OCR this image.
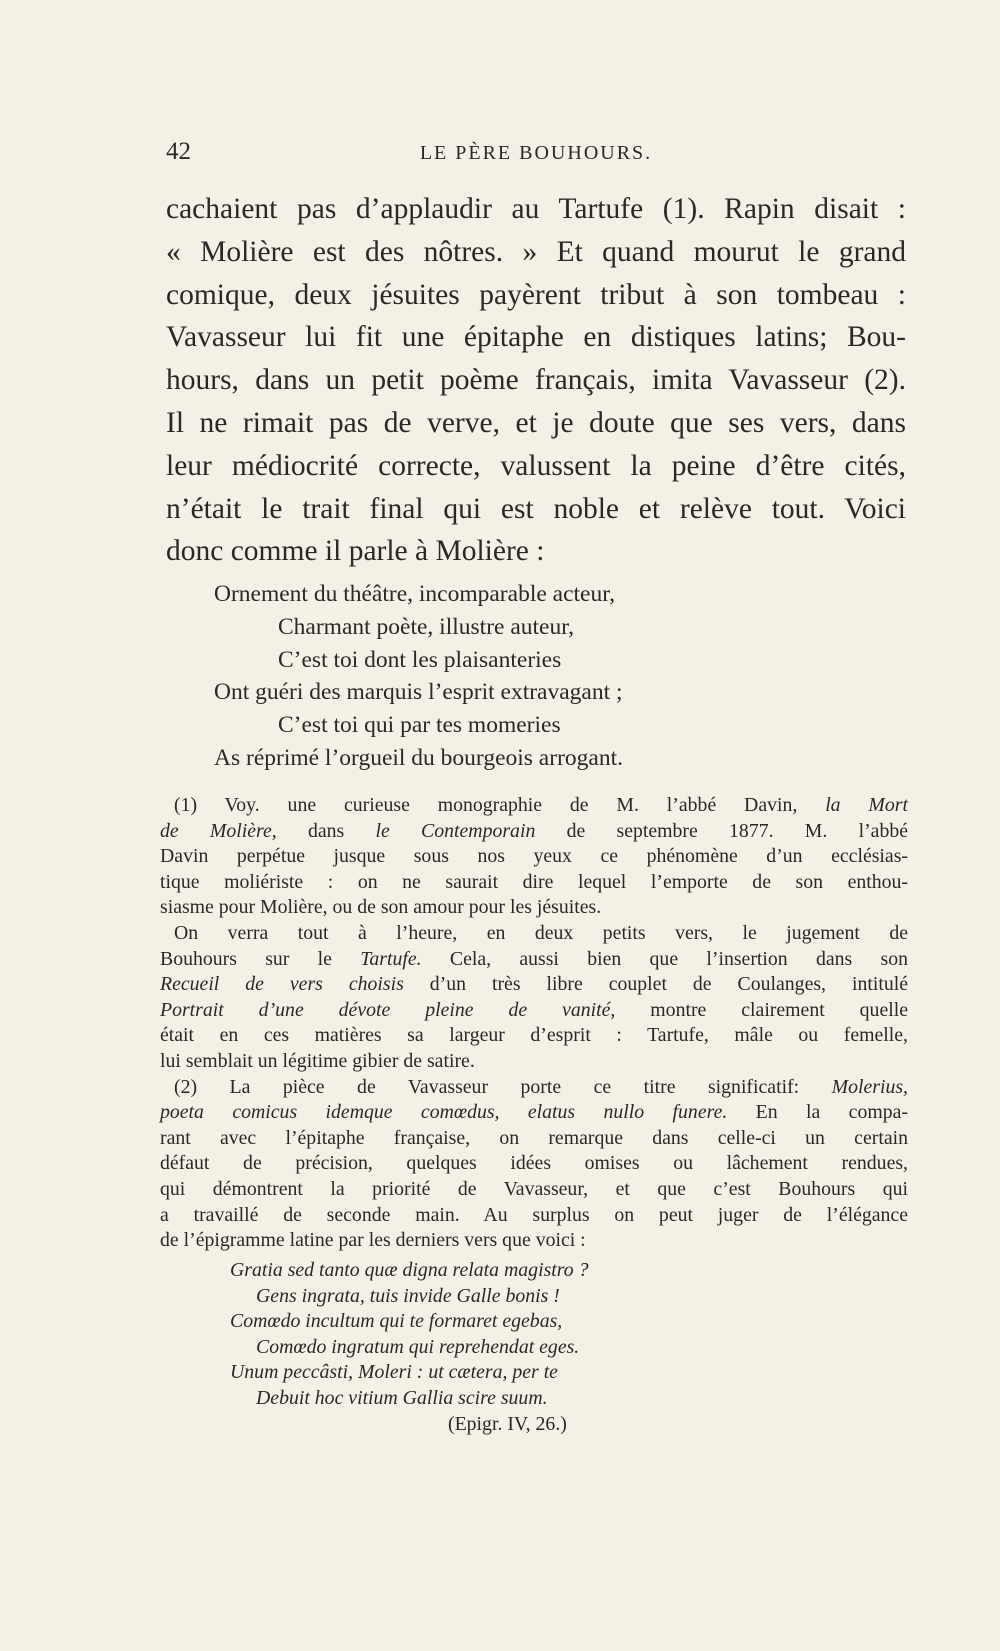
42	LE PÈRE BOUHOURS.
cachaient pas d’applaudir au Tartufe (1). Rapin disait :
« Molière est des nôtres. » Et quand mourut le grand
comique, deux jésuites payèrent tribut à son tombeau :
Vavasseur lui fit une épitaphe en distiques latins; Bou-
hours, dans un petit poème français, imita Vavasseur (2).
Il ne rimait pas de verve, et je doute que ses vers, dans
leur médiocrité correcte, valussent la peine d’être cités,
n’était le trait final qui est noble et relève tout. Voici
donc comme il parle à Molière :
Ornement du théâtre, incomparable acteur,
Charmant poète, illustre auteur,
C’est toi dont les plaisanteries
Ont guéri des marquis l’esprit extravagant ;
C’est toi qui par tes momeries
As réprimé l’orgueil du bourgeois arrogant.
(1) Voy. une curieuse monographie de M. l’abbé Davin, la Mort
de Molière, dans le Contemporain de septembre 1877. M. l’abbé
Davin perpétue jusque sous nos yeux ce phénomène d’un ecclésias-
tique moliériste : on ne saurait dire lequel l’emporte de son enthou-
siasme pour Molière, ou de son amour pour les jésuites.
On verra tout à l’heure, en deux petits vers, le jugement de
Bouhours sur le Tartufe. Cela, aussi bien que l’insertion dans son
Recueil de vers choisis d’un très libre couplet de Coulanges, intitulé
Portrait d’une dévote pleine de vanité, montre clairement quelle
était en ces matières sa largeur d’esprit : Tartufe, mâle ou femelle,
lui semblait un légitime gibier de satire.
(2) La pièce de Vavasseur porte ce titre significatif: Molerius,
poeta comicus idemque comœdus, elatus nullo funere. En la compa-
rant avec l’épitaphe française, on remarque dans celle-ci un certain
défaut de précision, quelques idées omises ou lâchement rendues,
qui démontrent la priorité de Vavasseur, et que c’est Bouhours qui
a travaillé de seconde main. Au surplus on peut juger de l’élégance
de l’épigramme latine par les derniers vers que voici :
Gratia sed tanto quæ digna relata magistro ?
Gens ingrata, tuis invide Galle bonis !
Comœdo incultum qui te formaret egebas,
Comœdo ingratum qui reprehendat eges.
Unum peccâsti, Moleri : ut cætera, per te
Debuit hoc vitium Gallia scire suum.
(Epigr. IV, 26.)
